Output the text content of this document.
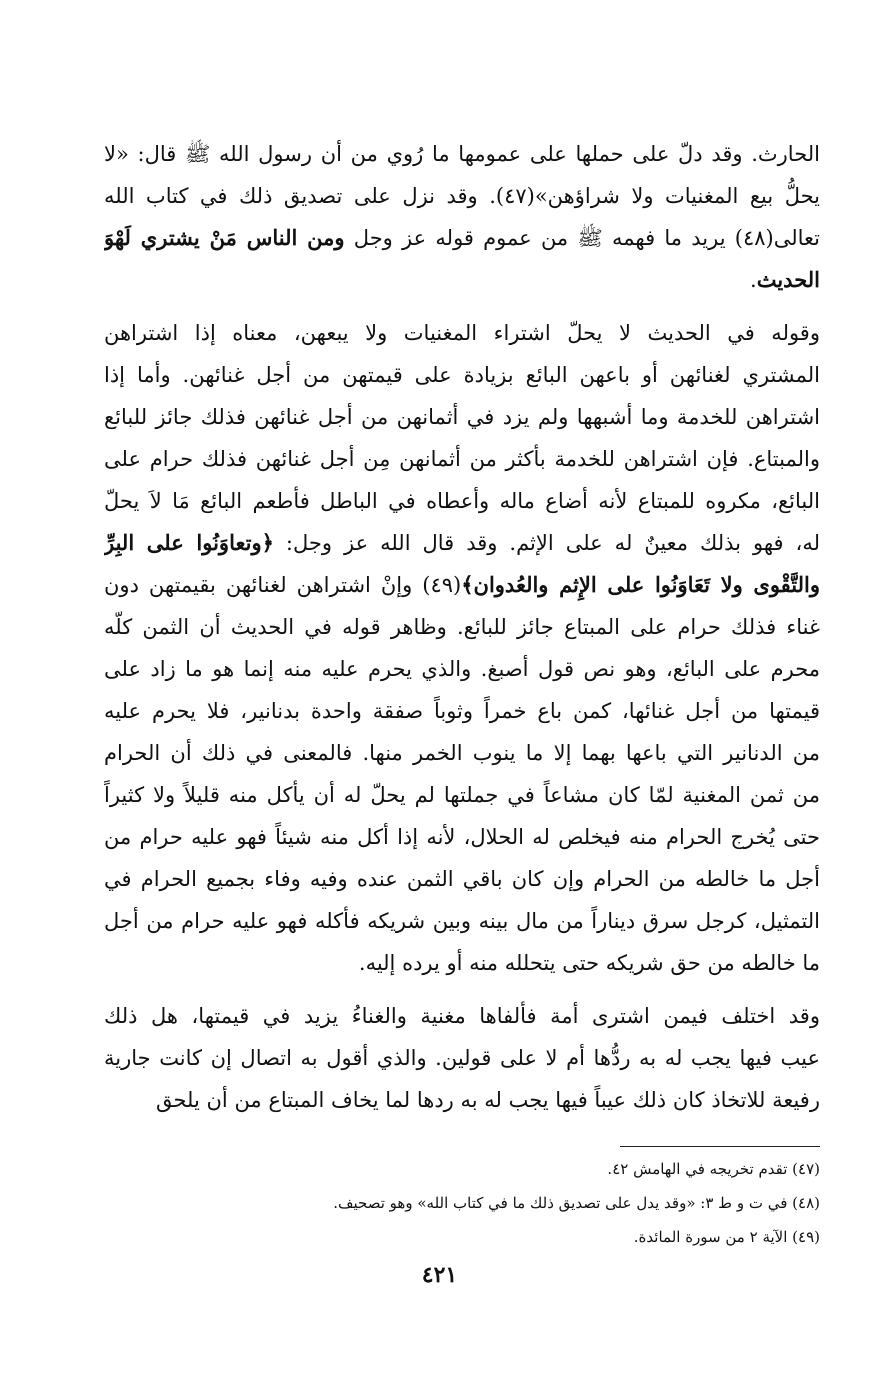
الحارث. وقد دلّ على حملها على عمومها ما رُوي من أن رسول الله ﷺ قال: «لا
يحلُّ بيع المغنيات ولا شراؤهن»(٤٧). وقد نزل على تصديق ذلك في كتاب الله
تعالى(٤٨) يريد ما فهمه ﷺ من عموم قوله عز وجل ومن الناس مَنْ يشتري لَهْوَ
الحديث.
وقوله في الحديث لا يحلّ اشتراء المغنيات ولا يبعهن، معناه إذا اشتراهن
المشتري لغنائهن أو باعهن البائع بزيادة على قيمتهن من أجل غنائهن. وأما إذا
اشتراهن للخدمة وما أشبهها ولم يزد في أثمانهن من أجل غنائهن فذلك جائز للبائع
والمبتاع. فإن اشتراهن للخدمة بأكثر من أثمانهن مِن أجل غنائهن فذلك حرام على
البائع، مكروه للمبتاع لأنه أضاع ماله وأعطاه في الباطل فأطعم البائع مَا لاَ يحلّ
له، فهو بذلك معينٌ له على الإثم. وقد قال الله عز وجل: ﴿وتعاوَنُوا على البِرِّ
والتَّقْوى ولا تَعَاوَنُوا على الإِثم والعُدوان﴾(٤٩) وإنْ اشتراهن لغنائهن بقيمتهن دون
غناء فذلك حرام على المبتاع جائز للبائع. وظاهر قوله في الحديث أن الثمن كلّه
محرم على البائع، وهو نص قول أصبغ. والذي يحرم عليه منه إنما هو ما زاد على
قيمتها من أجل غنائها، كمن باع خمراً وثوباً صفقة واحدة بدنانير، فلا يحرم عليه
من الدنانير التي باعها بهما إلا ما ينوب الخمر منها. فالمعنى في ذلك أن الحرام
من ثمن المغنية لمّا كان مشاعاً في جملتها لم يحلّ له أن يأكل منه قليلاً ولا كثيراً
حتى يُخرج الحرام منه فيخلص له الحلال، لأنه إذا أكل منه شيئاً فهو عليه حرام من
أجل ما خالطه من الحرام وإن كان باقي الثمن عنده وفيه وفاء بجميع الحرام في
التمثيل، كرجل سرق ديناراً من مال بينه وبين شريكه فأكله فهو عليه حرام من أجل
ما خالطه من حق شريكه حتى يتحلله منه أو يرده إليه.
وقد اختلف فيمن اشترى أمة فألفاها مغنية والغناءُ يزيد في قيمتها، هل ذلك
عيب فيها يجب له به ردُّها أم لا على قولين. والذي أقول به اتصال إن كانت جارية
رفيعة للاتخاذ كان ذلك عيباً فيها يجب له به ردها لما يخاف المبتاع من أن يلحق
(٤٧) تقدم تخريجه في الهامش ٤٢.
(٤٨) في ت و ط ٣: «وقد يدل على تصديق ذلك ما في كتاب الله» وهو تصحيف.
(٤٩) الآية ٢ من سورة المائدة.
٤٢١
